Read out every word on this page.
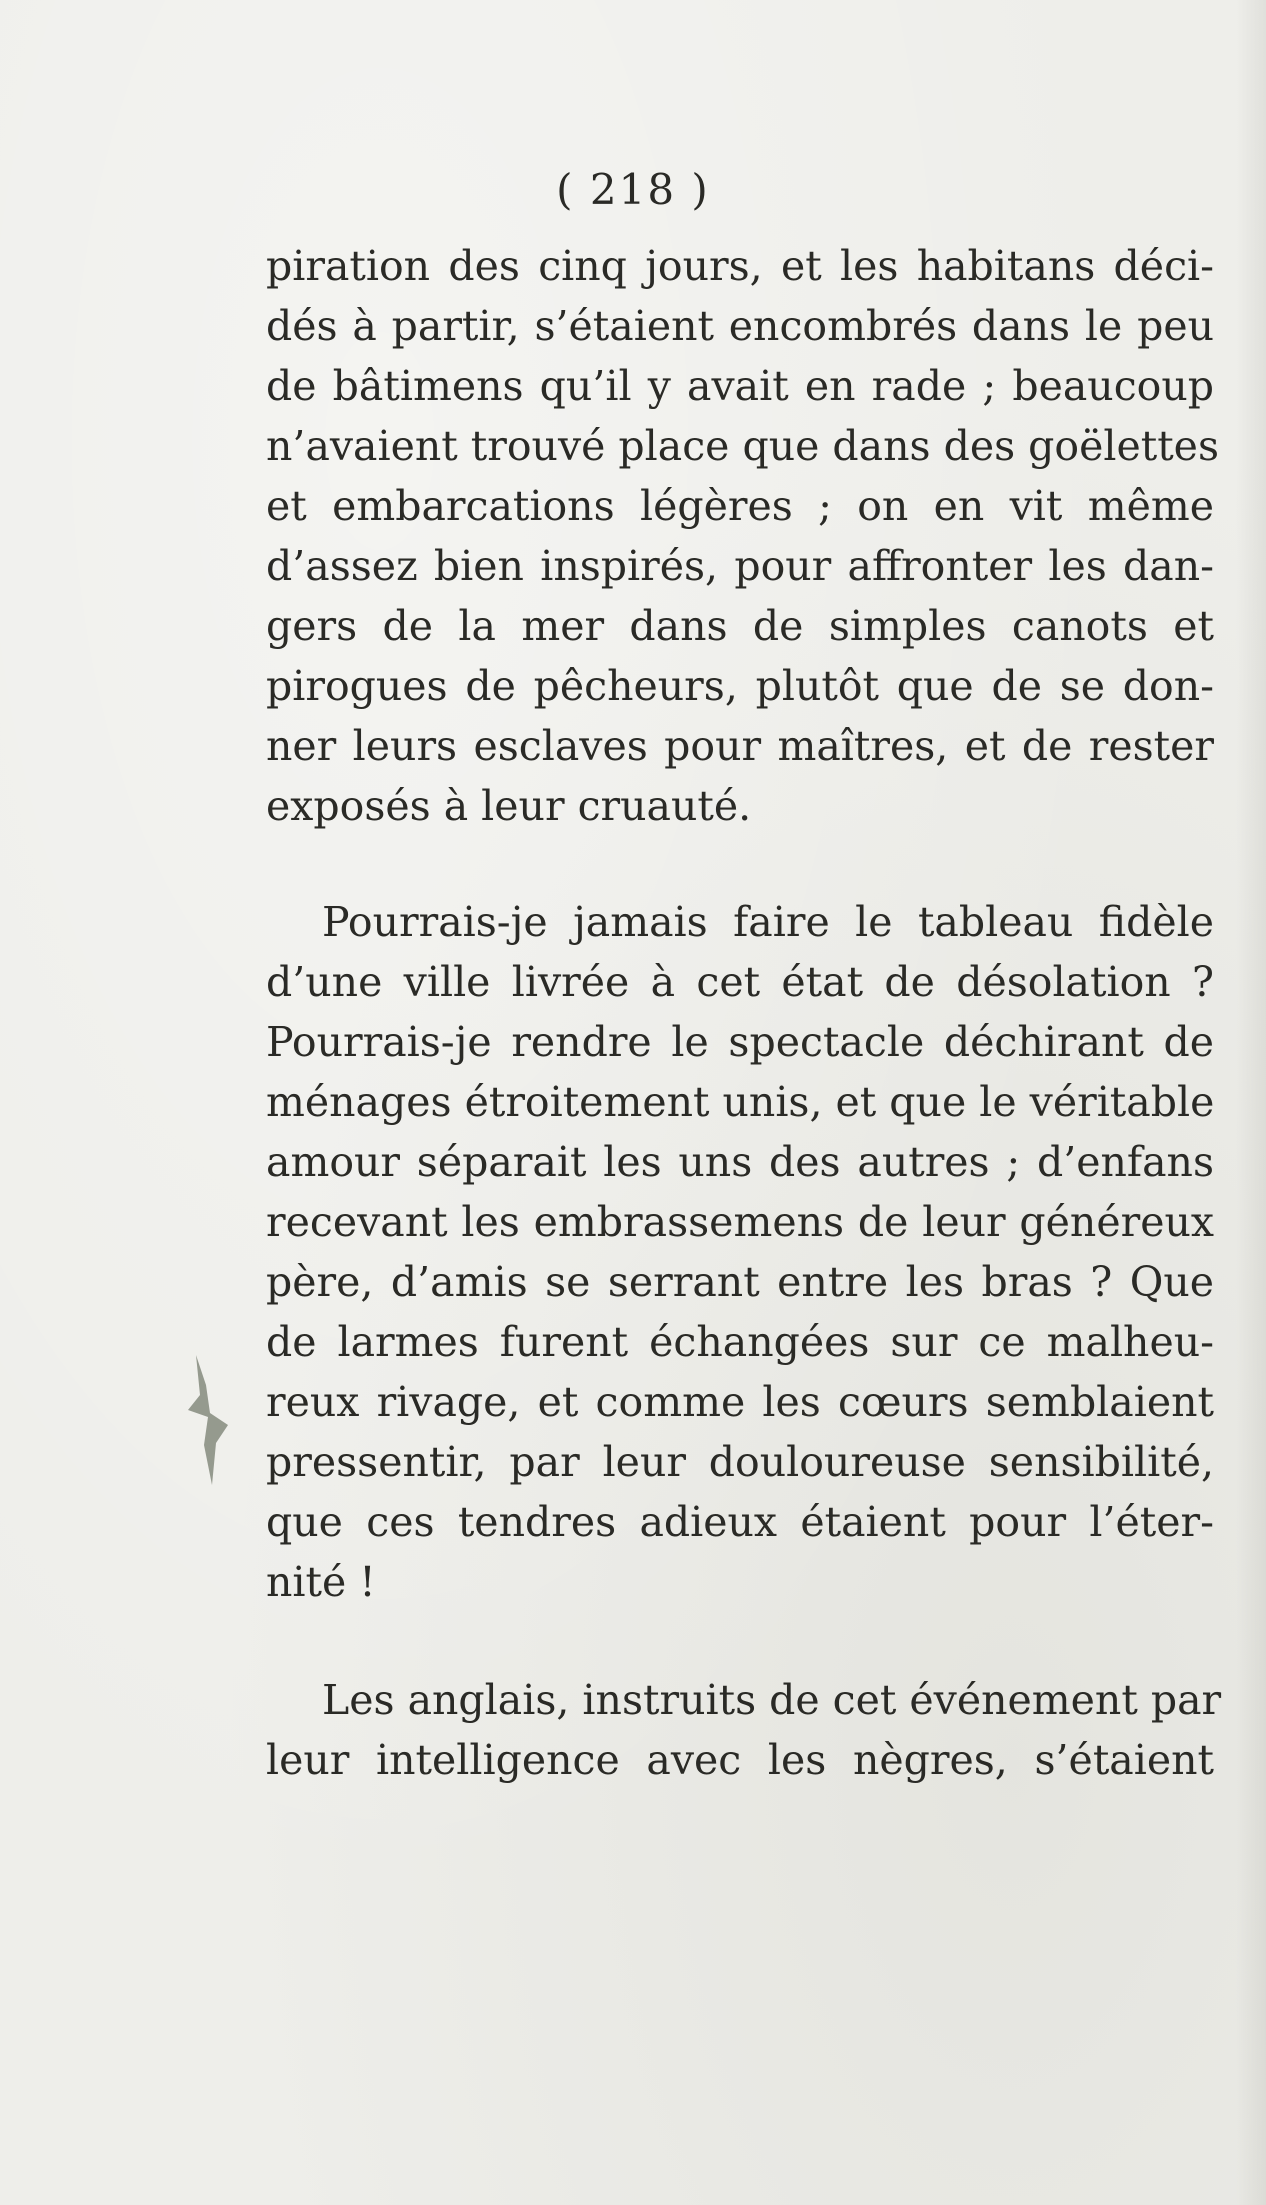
( 218 )
piration des cinq jours, et les habitans déci-
dés à partir, s’étaient encombrés dans le peu
de bâtimens qu’il y avait en rade ; beaucoup
n’avaient trouvé place que dans des goëlettes
et embarcations légères ; on en vit même
d’assez bien inspirés, pour affronter les dan-
gers de la mer dans de simples canots et
pirogues de pêcheurs, plutôt que de se don-
ner leurs esclaves pour maîtres, et de rester
exposés à leur cruauté.
Pourrais-je jamais faire le tableau fidèle
d’une ville livrée à cet état de désolation ?
Pourrais-je rendre le spectacle déchirant de
ménages étroitement unis, et que le véritable
amour séparait les uns des autres ; d’enfans
recevant les embrassemens de leur généreux
père, d’amis se serrant entre les bras ? Que
de larmes furent échangées sur ce malheu-
reux rivage, et comme les cœurs semblaient
pressentir, par leur douloureuse sensibilité,
que ces tendres adieux étaient pour l’éter-
nité !
Les anglais, instruits de cet événement par
leur intelligence avec les nègres, s’étaient
